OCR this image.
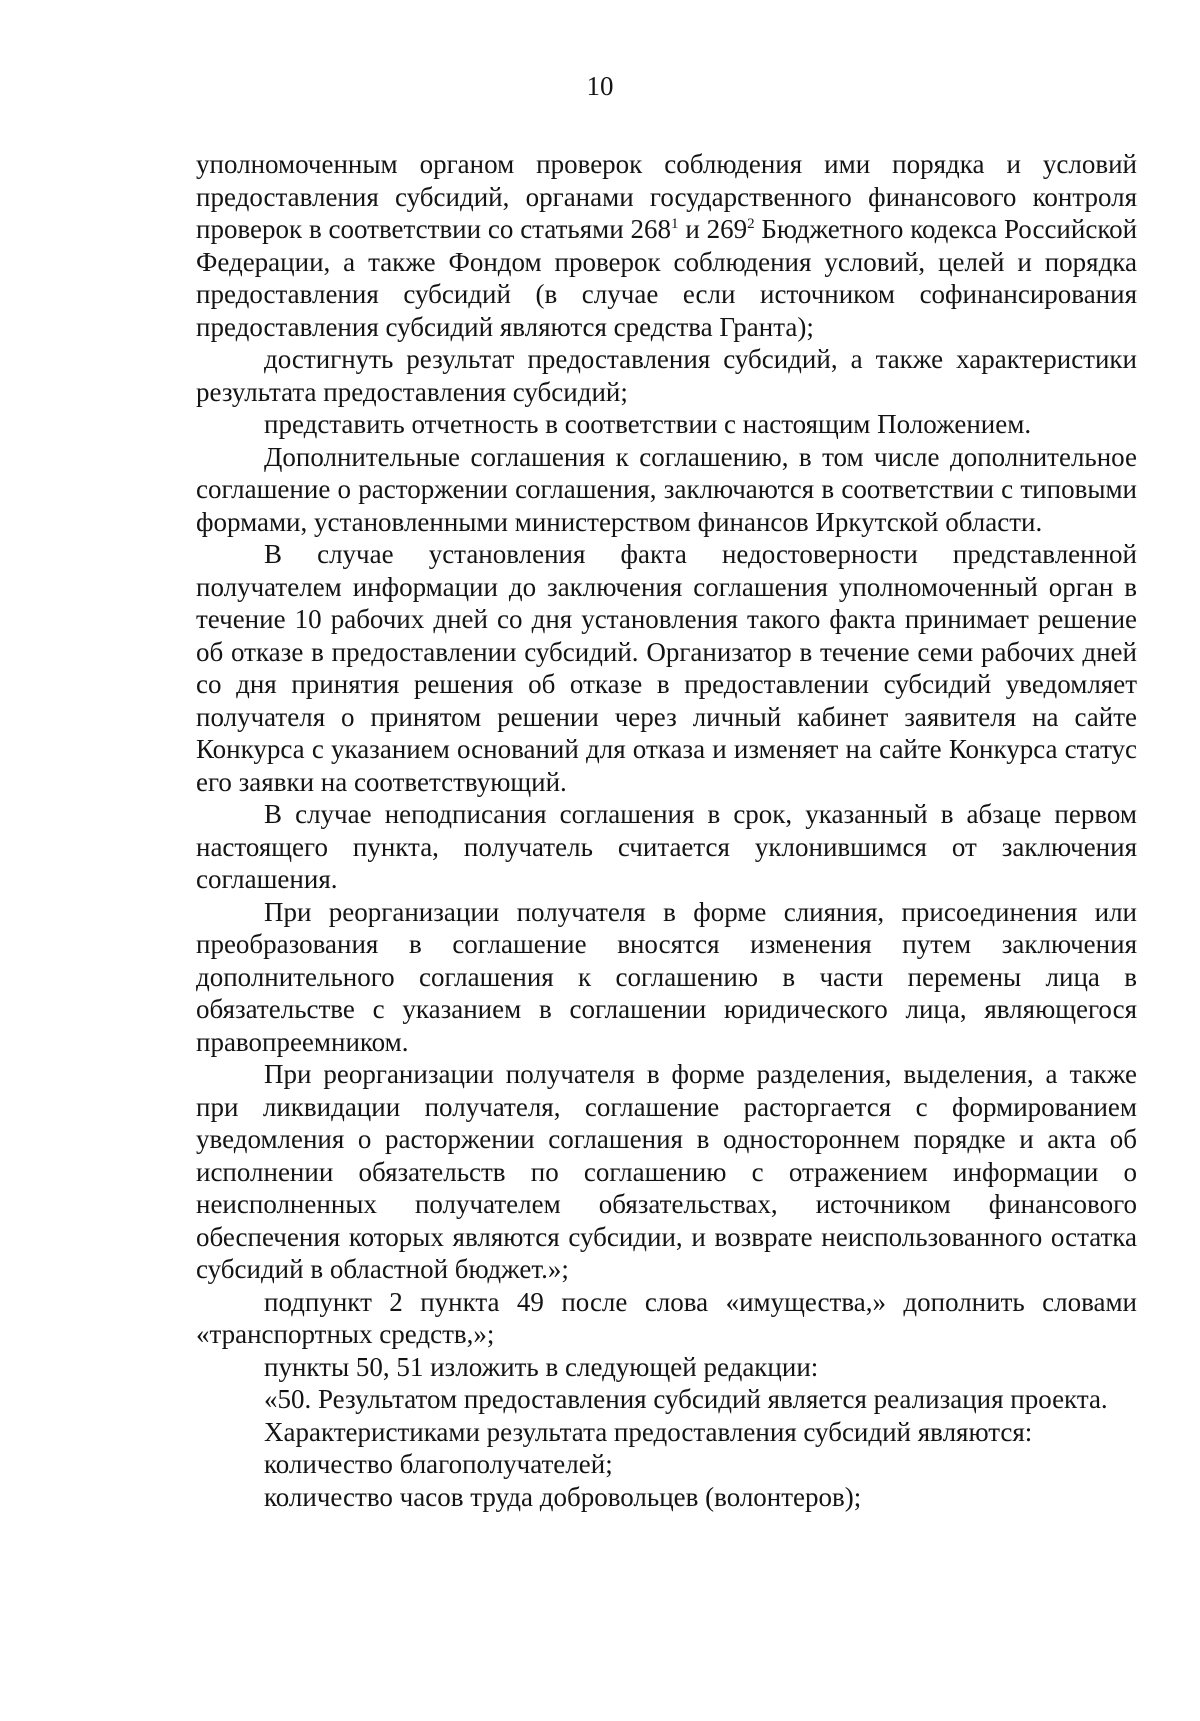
10

уполномоченным органом проверок соблюдения ими порядка и условий предоставления субсидий, органами государственного финансового контроля проверок в соответствии со статьями $268^1$ и $269^2$ Бюджетного кодекса Российской Федерации, а также Фондом проверок соблюдения условий, целей и порядка предоставления субсидий (в случае если источником софинансирования предоставления субсидий являются средства Гранта);

достигнуть результат предоставления субсидий, а также характеристики результата предоставления субсидий;

представить отчетность в соответствии с настоящим Положением.

Дополнительные соглашения к соглашению, в том числе дополнительное соглашение о расторжении соглашения, заключаются в соответствии с типовыми формами, установленными министерством финансов Иркутской области.

В случае установления факта недостоверности представленной получателем информации до заключения соглашения уполномоченный орган в течение 10 рабочих дней со дня установления такого факта принимает решение об отказе в предоставлении субсидий. Организатор в течение семи рабочих дней со дня принятия решения об отказе в предоставлении субсидий уведомляет получателя о принятом решении через личный кабинет заявителя на сайте Конкурса с указанием оснований для отказа и изменяет на сайте Конкурса статус его заявки на соответствующий.

В случае неподписания соглашения в срок, указанный в абзаце первом настоящего пункта, получатель считается уклонившимся от заключения соглашения.

При реорганизации получателя в форме слияния, присоединения или преобразования в соглашение вносятся изменения путем заключения дополнительного соглашения к соглашению в части перемены лица в обязательстве с указанием в соглашении юридического лица, являющегося правопреемником.

При реорганизации получателя в форме разделения, выделения, а также при ликвидации получателя, соглашение расторгается с формированием уведомления о расторжении соглашения в одностороннем порядке и акта об исполнении обязательств по соглашению с отражением информации о неисполненных получателем обязательствах, источником финансового обеспечения которых являются субсидии, и возврате неиспользованного остатка субсидий в областной бюджет.»;

подпункт 2 пункта 49 после слова «имущества,» дополнить словами «транспортных средств,»;

пункты 50, 51 изложить в следующей редакции:

«50. Результатом предоставления субсидий является реализация проекта.

Характеристиками результата предоставления субсидий являются:

количество благополучателей;

количество часов труда добровольцев (волонтеров);
